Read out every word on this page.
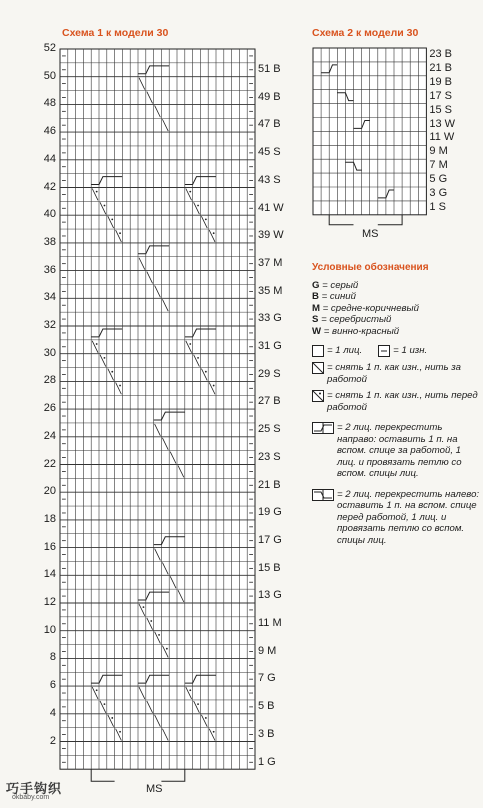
Схема 1 к модели 30
52
50
48
46
44
42
40
38
36
34
32
30
28
26
24
22
20
18
16
14
12
10
8
6
4
2
51 B
49 B
47 B
45 S
43 S
41 W
39 W
37 M
35 M
33 G
31 G
29 S
27 B
25 S
23 S
21 B
19 G
17 G
15 B
13 G
11 M
9 M
7 G
5 B
3 B
1 G
MS
Схема 2 к модели 30
23 B
21 B
19 B
17 S
15 S
13 W
11 W
9 M
7 M
5 G
3 G
1 S
MS
Условные обозначения
G = серый
B = синий
M = средне-коричневый
S = серебристый
W = винно-красный
= 1 лиц.	= 1 изн.
= снять 1 п. как изн., нить за работой
= снять 1 п. как изн., нить перед работой
= 2 лиц. перекрестить направо: оставить 1 п. на вспом. спице за работой, 1 лиц. и провязать петлю со вспом. спицы лиц.
= 2 лиц. перекрестить налево: оставить 1 п. на вспом. спице перед работой, 1 лиц. и провязать петлю со вспом. спицы лиц.
巧手钩织
okbaby.com
